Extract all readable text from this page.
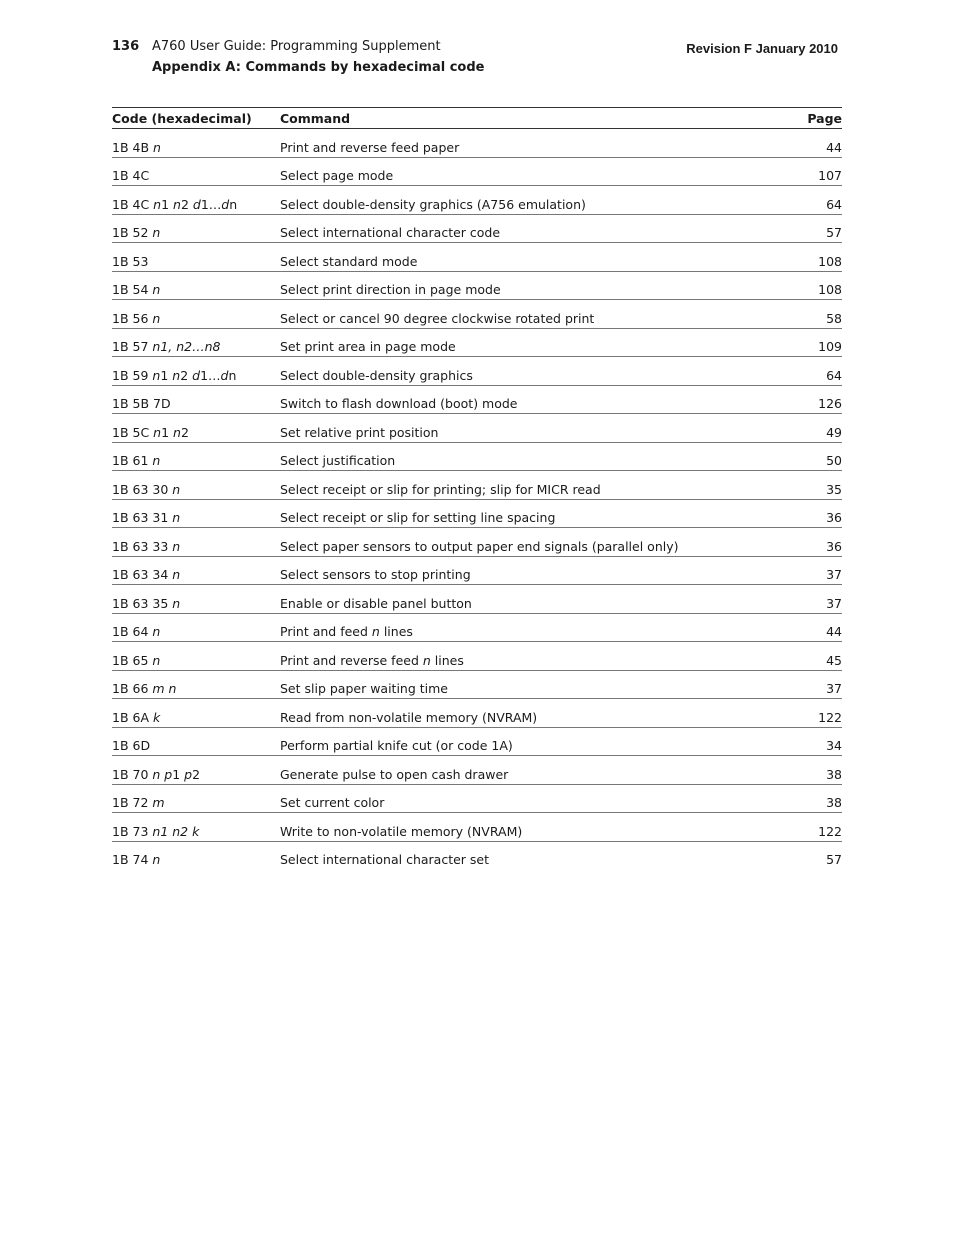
136 A760 User Guide: Programming Supplement
Appendix A: Commands by hexadecimal code
Revision F January 2010
Code (hexadecimal)	Command	Page
1B 4B n	Print and reverse feed paper	44
1B 4C	Select page mode	107
1B 4C n1 n2 d1…dn	Select double-density graphics (A756 emulation)	64
1B 52 n	Select international character code	57
1B 53	Select standard mode	108
1B 54 n	Select print direction in page mode	108
1B 56 n	Select or cancel 90 degree clockwise rotated print	58
1B 57 n1, n2…n8	Set print area in page mode	109
1B 59 n1 n2 d1…dn	Select double-density graphics	64
1B 5B 7D	Switch to flash download (boot) mode	126
1B 5C n1 n2	Set relative print position	49
1B 61 n	Select justification	50
1B 63 30 n	Select receipt or slip for printing; slip for MICR read	35
1B 63 31 n	Select receipt or slip for setting line spacing	36
1B 63 33 n	Select paper sensors to output paper end signals (parallel only)	36
1B 63 34 n	Select sensors to stop printing	37
1B 63 35 n	Enable or disable panel button	37
1B 64 n	Print and feed n lines	44
1B 65 n	Print and reverse feed n lines	45
1B 66 m n	Set slip paper waiting time	37
1B 6A k	Read from non-volatile memory (NVRAM)	122
1B 6D	Perform partial knife cut (or code 1A)	34
1B 70 n p1 p2	Generate pulse to open cash drawer	38
1B 72 m	Set current color	38
1B 73 n1 n2 k	Write to non-volatile memory (NVRAM)	122
1B 74 n	Select international character set	57
